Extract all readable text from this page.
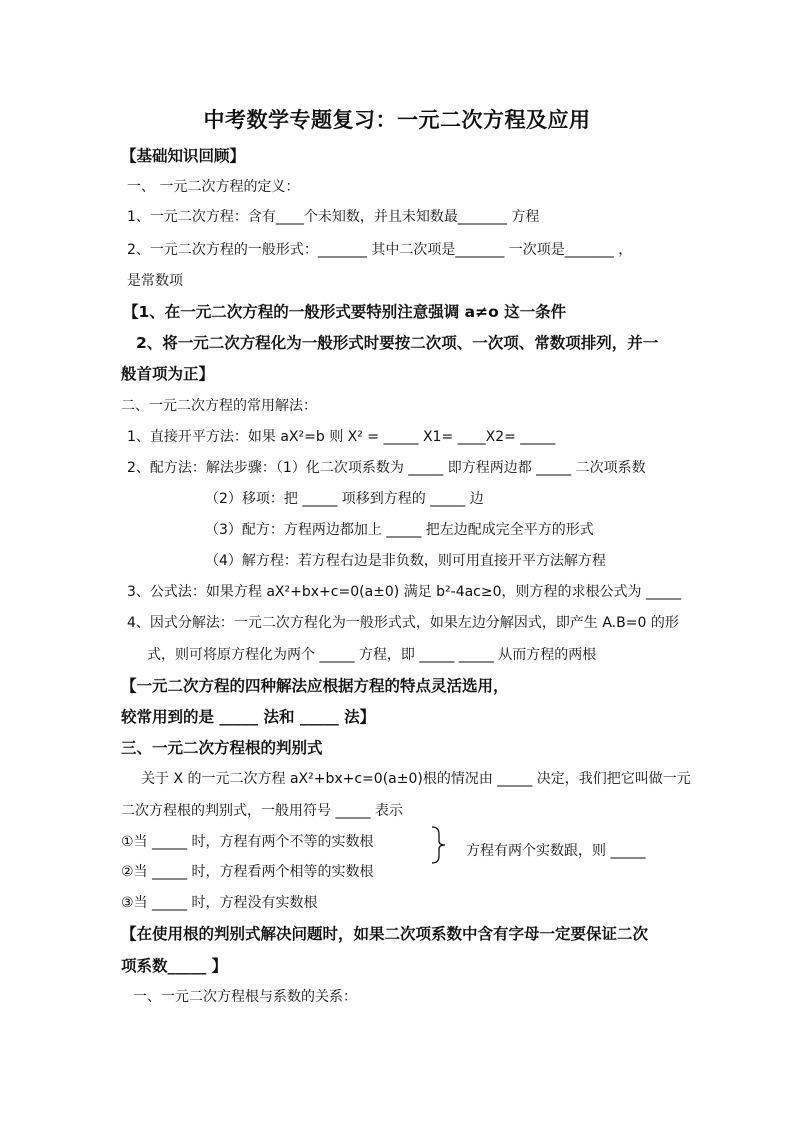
中考数学专题复习：一元二次方程及应用
【基础知识回顾】
一、 一元二次方程的定义：
1、一元二次方程：含有____个未知数，并且未知数最_______ 方程
2、一元二次方程的一般形式：_______ 其中二次项是_______ 一次项是_______ ，
是常数项
【1、在一元二次方程的一般形式要特别注意强调 a≠o 这一条件
2、将一元二次方程化为一般形式时要按二次项、一次项、常数项排列，并一
般首项为正】
二、一元二次方程的常用解法：
1、直接开平方法：如果 aX²=b 则 X² = _____ X1= ____X2= _____
2、配方法：解法步骤：（1）化二次项系数为 _____ 即方程两边都 _____ 二次项系数
（2）移项：把 _____ 项移到方程的 _____ 边
（3）配方：方程两边都加上 _____ 把左边配成完全平方的形式
（4）解方程：若方程右边是非负数，则可用直接开平方法解方程
3、公式法：如果方程 aX²+bx+c=0(a±0) 满足 b²-4ac≥0，则方程的求根公式为 _____
4、因式分解法：一元二次方程化为一般形式式，如果左边分解因式，即产生 A.B=0 的形
式，则可将原方程化为两个 _____ 方程，即 _____ _____ 从而方程的两根
【一元二次方程的四种解法应根据方程的特点灵活选用，
较常用到的是 _____ 法和 _____ 法】
三、一元二次方程根的判别式
关于 X 的一元二次方程 aX²+bx+c=0(a±0)根的情况由 _____ 决定，我们把它叫做一元
二次方程根的判别式，一般用符号 _____ 表示
①当 _____ 时，方程有两个不等的实数根
②当 _____ 时，方程看两个相等的实数根
③当 _____ 时，方程没有实数根
方程有两个实数跟，则 _____
【在使用根的判别式解决问题时，如果二次项系数中含有字母一定要保证二次
项系数_____ 】
一、一元二次方程根与系数的关系：
